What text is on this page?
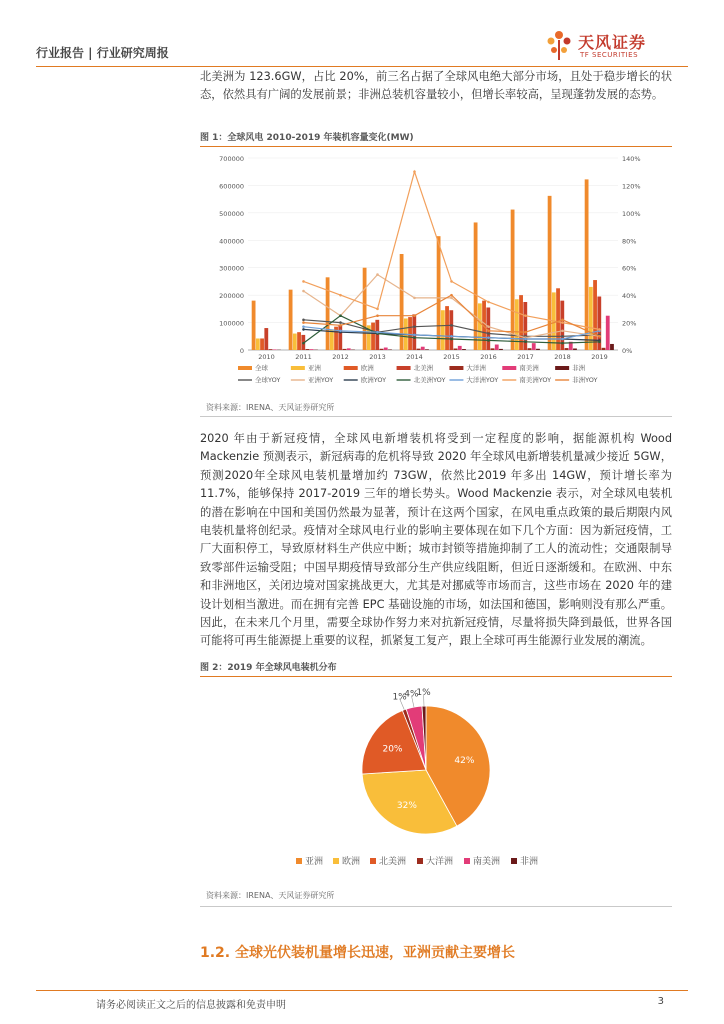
行业报告 | 行业研究周报
天风证券
TF SECURITIES
北美洲为 123.6GW，占比 20%，前三名占据了全球风电绝大部分市场，且处于稳步增长的状态，依然具有广阔的发展前景；非洲总装机容量较小，但增长率较高，呈现蓬勃发展的态势。
图 1：全球风电 2010-2019 年装机容量变化(MW)
0
100000
200000
300000
400000
500000
600000
700000
0%
20%
40%
60%
80%
100%
120%
140%
2010	2011	2012	2013	2014	2015	2016	2017	2018	2019
全球	亚洲	欧洲	北美洲	大洋洲	南美洲	非洲
全球YOY	亚洲YOY	欧洲YOY	北美洲YOY	大洋洲YOY	南美洲YOY	非洲YOY
资料来源：IRENA、天风证券研究所
2020 年由于新冠疫情，全球风电新增装机将受到一定程度的影响，据能源机构 Wood Mackenzie 预测表示，新冠病毒的危机将导致 2020 年全球风电新增装机量减少接近 5GW，预测2020年全球风电装机量增加约 73GW，依然比2019 年多出 14GW，预计增长率为 11.7%，能够保持 2017-2019 三年的增长势头。Wood Mackenzie 表示，对全球风电装机的潜在影响在中国和美国仍然最为显著，预计在这两个国家，在风电重点政策的最后期限内风电装机量将创纪录。疫情对全球风电行业的影响主要体现在如下几个方面：因为新冠疫情，工厂大面积停工，导致原材料生产供应中断；城市封锁等措施抑制了工人的流动性；交通限制导致零部件运输受阻；中国早期疫情导致部分生产供应线阻断，但近日逐渐缓和。在欧洲、中东和非洲地区，关闭边境对国家挑战更大，尤其是对挪威等市场而言，这些市场在 2020 年的建设计划相当激进。而在拥有完善 EPC 基础设施的市场，如法国和德国，影响则没有那么严重。因此，在未来几个月里，需要全球协作努力来对抗新冠疫情，尽量将损失降到最低，世界各国可能将可再生能源提上重要的议程，抓紧复工复产，跟上全球可再生能源行业发展的潮流。
图 2：2019 年全球风电装机分布
42%
32%
20%
1%
4%
1%
亚洲 欧洲 北美洲 大洋洲 南美洲 非洲
资料来源：IRENA、天风证券研究所
1.2. 全球光伏装机量增长迅速，亚洲贡献主要增长
请务必阅读正文之后的信息披露和免责申明	3
